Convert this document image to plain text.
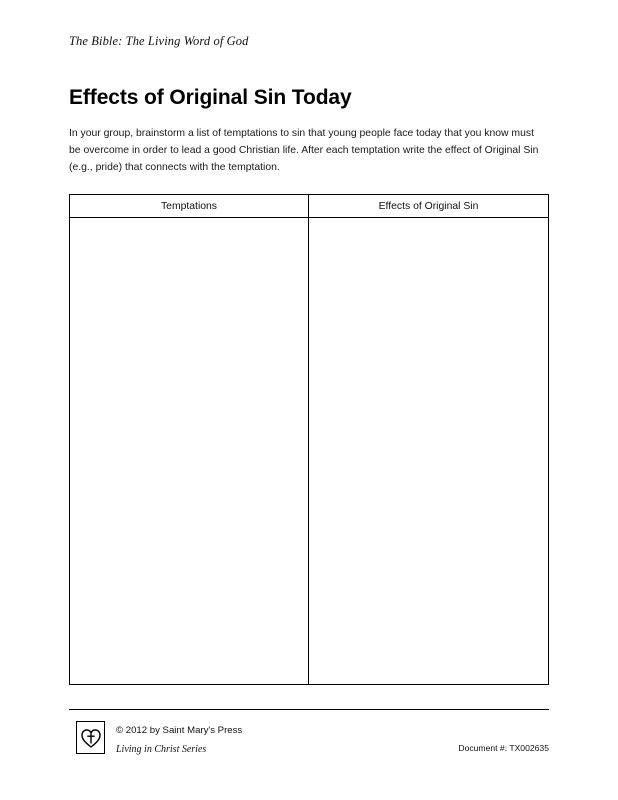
The Bible: The Living Word of God
Effects of Original Sin Today

In your group, brainstorm a list of temptations to sin that young people face today that you know must be overcome in order to lead a good Christian life. After each temptation write the effect of Original Sin (e.g., pride) that connects with the temptation.

Temptations	Effects of Original Sin
© 2012 by Saint Mary's Press
Living in Christ Series	Document #: TX002635
